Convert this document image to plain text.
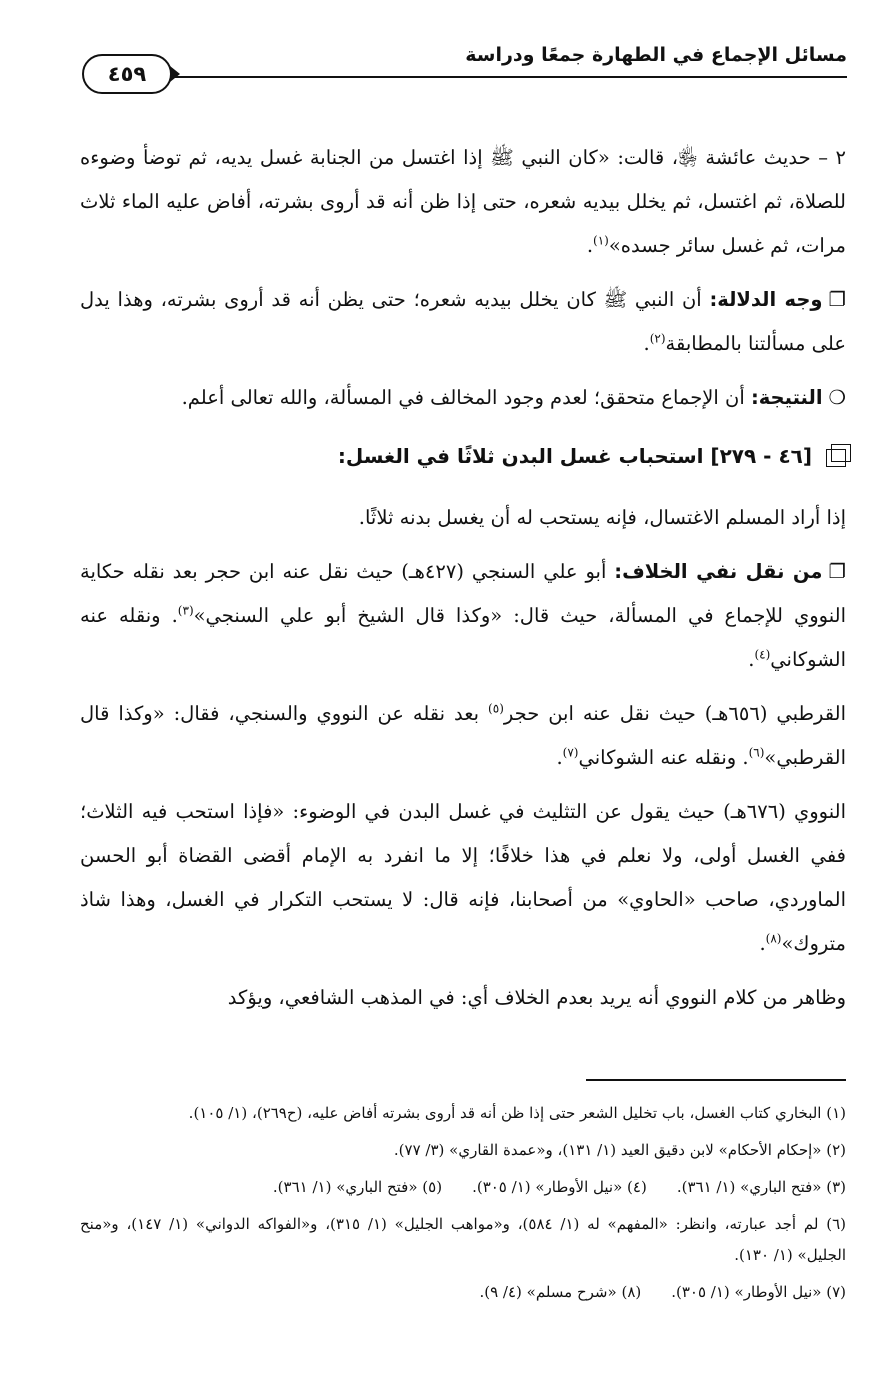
مسائل الإجماع في الطهارة جمعًا ودراسة
٤٥٩

٢ – حديث عائشة ﵂، قالت: «كان النبي ﷺ إذا اغتسل من الجنابة غسل يديه، ثم توضأ وضوءه للصلاة، ثم اغتسل، ثم يخلل بيديه شعره، حتى إذا ظن أنه قد أروى بشرته، أفاض عليه الماء ثلاث مرات، ثم غسل سائر جسده»$^{(١)}$.

❐وجه الدلالة: أن النبي ﷺ كان يخلل بيديه شعره؛ حتى يظن أنه قد أروى بشرته، وهذا يدل على مسألتنا بالمطابقة$^{(٢)}$.

❍النتيجة: أن الإجماع متحقق؛ لعدم وجود المخالف في المسألة، والله تعالى أعلم.

[٤٦ - ٢٧٩] استحباب غسل البدن ثلاثًا في الغسل:

إذا أراد المسلم الاغتسال، فإنه يستحب له أن يغسل بدنه ثلاثًا.

❐من نقل نفي الخلاف: أبو علي السنجي (٤٢٧هـ) حيث نقل عنه ابن حجر بعد نقله حكاية النووي للإجماع في المسألة، حيث قال: «وكذا قال الشيخ أبو علي السنجي»$^{(٣)}$. ونقله عنه الشوكاني$^{(٤)}$.

القرطبي (٦٥٦هـ) حيث نقل عنه ابن حجر$^{(٥)}$ بعد نقله عن النووي والسنجي، فقال: «وكذا قال القرطبي»$^{(٦)}$. ونقله عنه الشوكاني$^{(٧)}$.

النووي (٦٧٦هـ) حيث يقول عن التثليث في غسل البدن في الوضوء: «فإذا استحب فيه الثلاث؛ ففي الغسل أولى، ولا نعلم في هذا خلافًا؛ إلا ما انفرد به الإمام أقضى القضاة أبو الحسن الماوردي، صاحب «الحاوي» من أصحابنا، فإنه قال: لا يستحب التكرار في الغسل، وهذا شاذ متروك»$^{(٨)}$.

وظاهر من كلام النووي أنه يريد بعدم الخلاف أي: في المذهب الشافعي، ويؤكد

(١) البخاري كتاب الغسل، باب تخليل الشعر حتى إذا ظن أنه قد أروى بشرته أفاض عليه، (ح٢٦٩)، (١/ ١٠٥).

(٢) «إحكام الأحكام» لابن دقيق العيد (١/ ١٣١)، و«عمدة القاري» (٣/ ٧٧).

(٣) «فتح الباري» (١/ ٣٦١).
(٤) «نيل الأوطار» (١/ ٣٠٥).
(٥) «فتح الباري» (١/ ٣٦١).

(٦) لم أجد عبارته، وانظر: «المفهم» له (١/ ٥٨٤)، و«مواهب الجليل» (١/ ٣١٥)، و«الفواكه الدواني» (١/ ١٤٧)، و«منح الجليل» (١/ ١٣٠).

(٧) «نيل الأوطار» (١/ ٣٠٥).
(٨) «شرح مسلم» (٤/ ٩).
